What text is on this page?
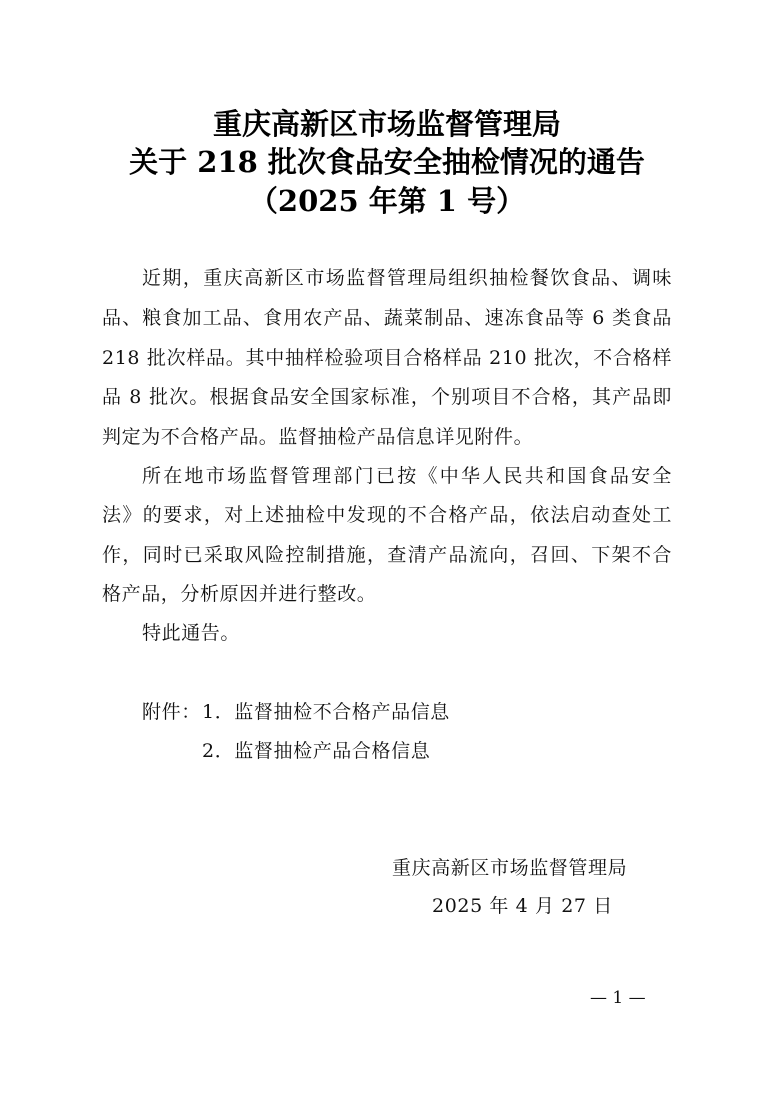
重庆高新区市场监督管理局
关于 218 批次食品安全抽检情况的通告
（2025 年第 1 号）
近期，重庆高新区市场监督管理局组织抽检餐饮食品、调味
品、粮食加工品、食用农产品、蔬菜制品、速冻食品等 6 类食品
218 批次样品。其中抽样检验项目合格样品 210 批次，不合格样
品 8 批次。根据食品安全国家标准，个别项目不合格，其产品即
判定为不合格产品。监督抽检产品信息详见附件。
所在地市场监督管理部门已按《中华人民共和国食品安全
法》的要求，对上述抽检中发现的不合格产品，依法启动查处工
作，同时已采取风险控制措施，查清产品流向，召回、下架不合
格产品，分析原因并进行整改。
特此通告。
附件： 1．监督抽检不合格产品信息
2．监督抽检产品合格信息
重庆高新区市场监督管理局
2025 年 4 月 27 日
— 1 —
